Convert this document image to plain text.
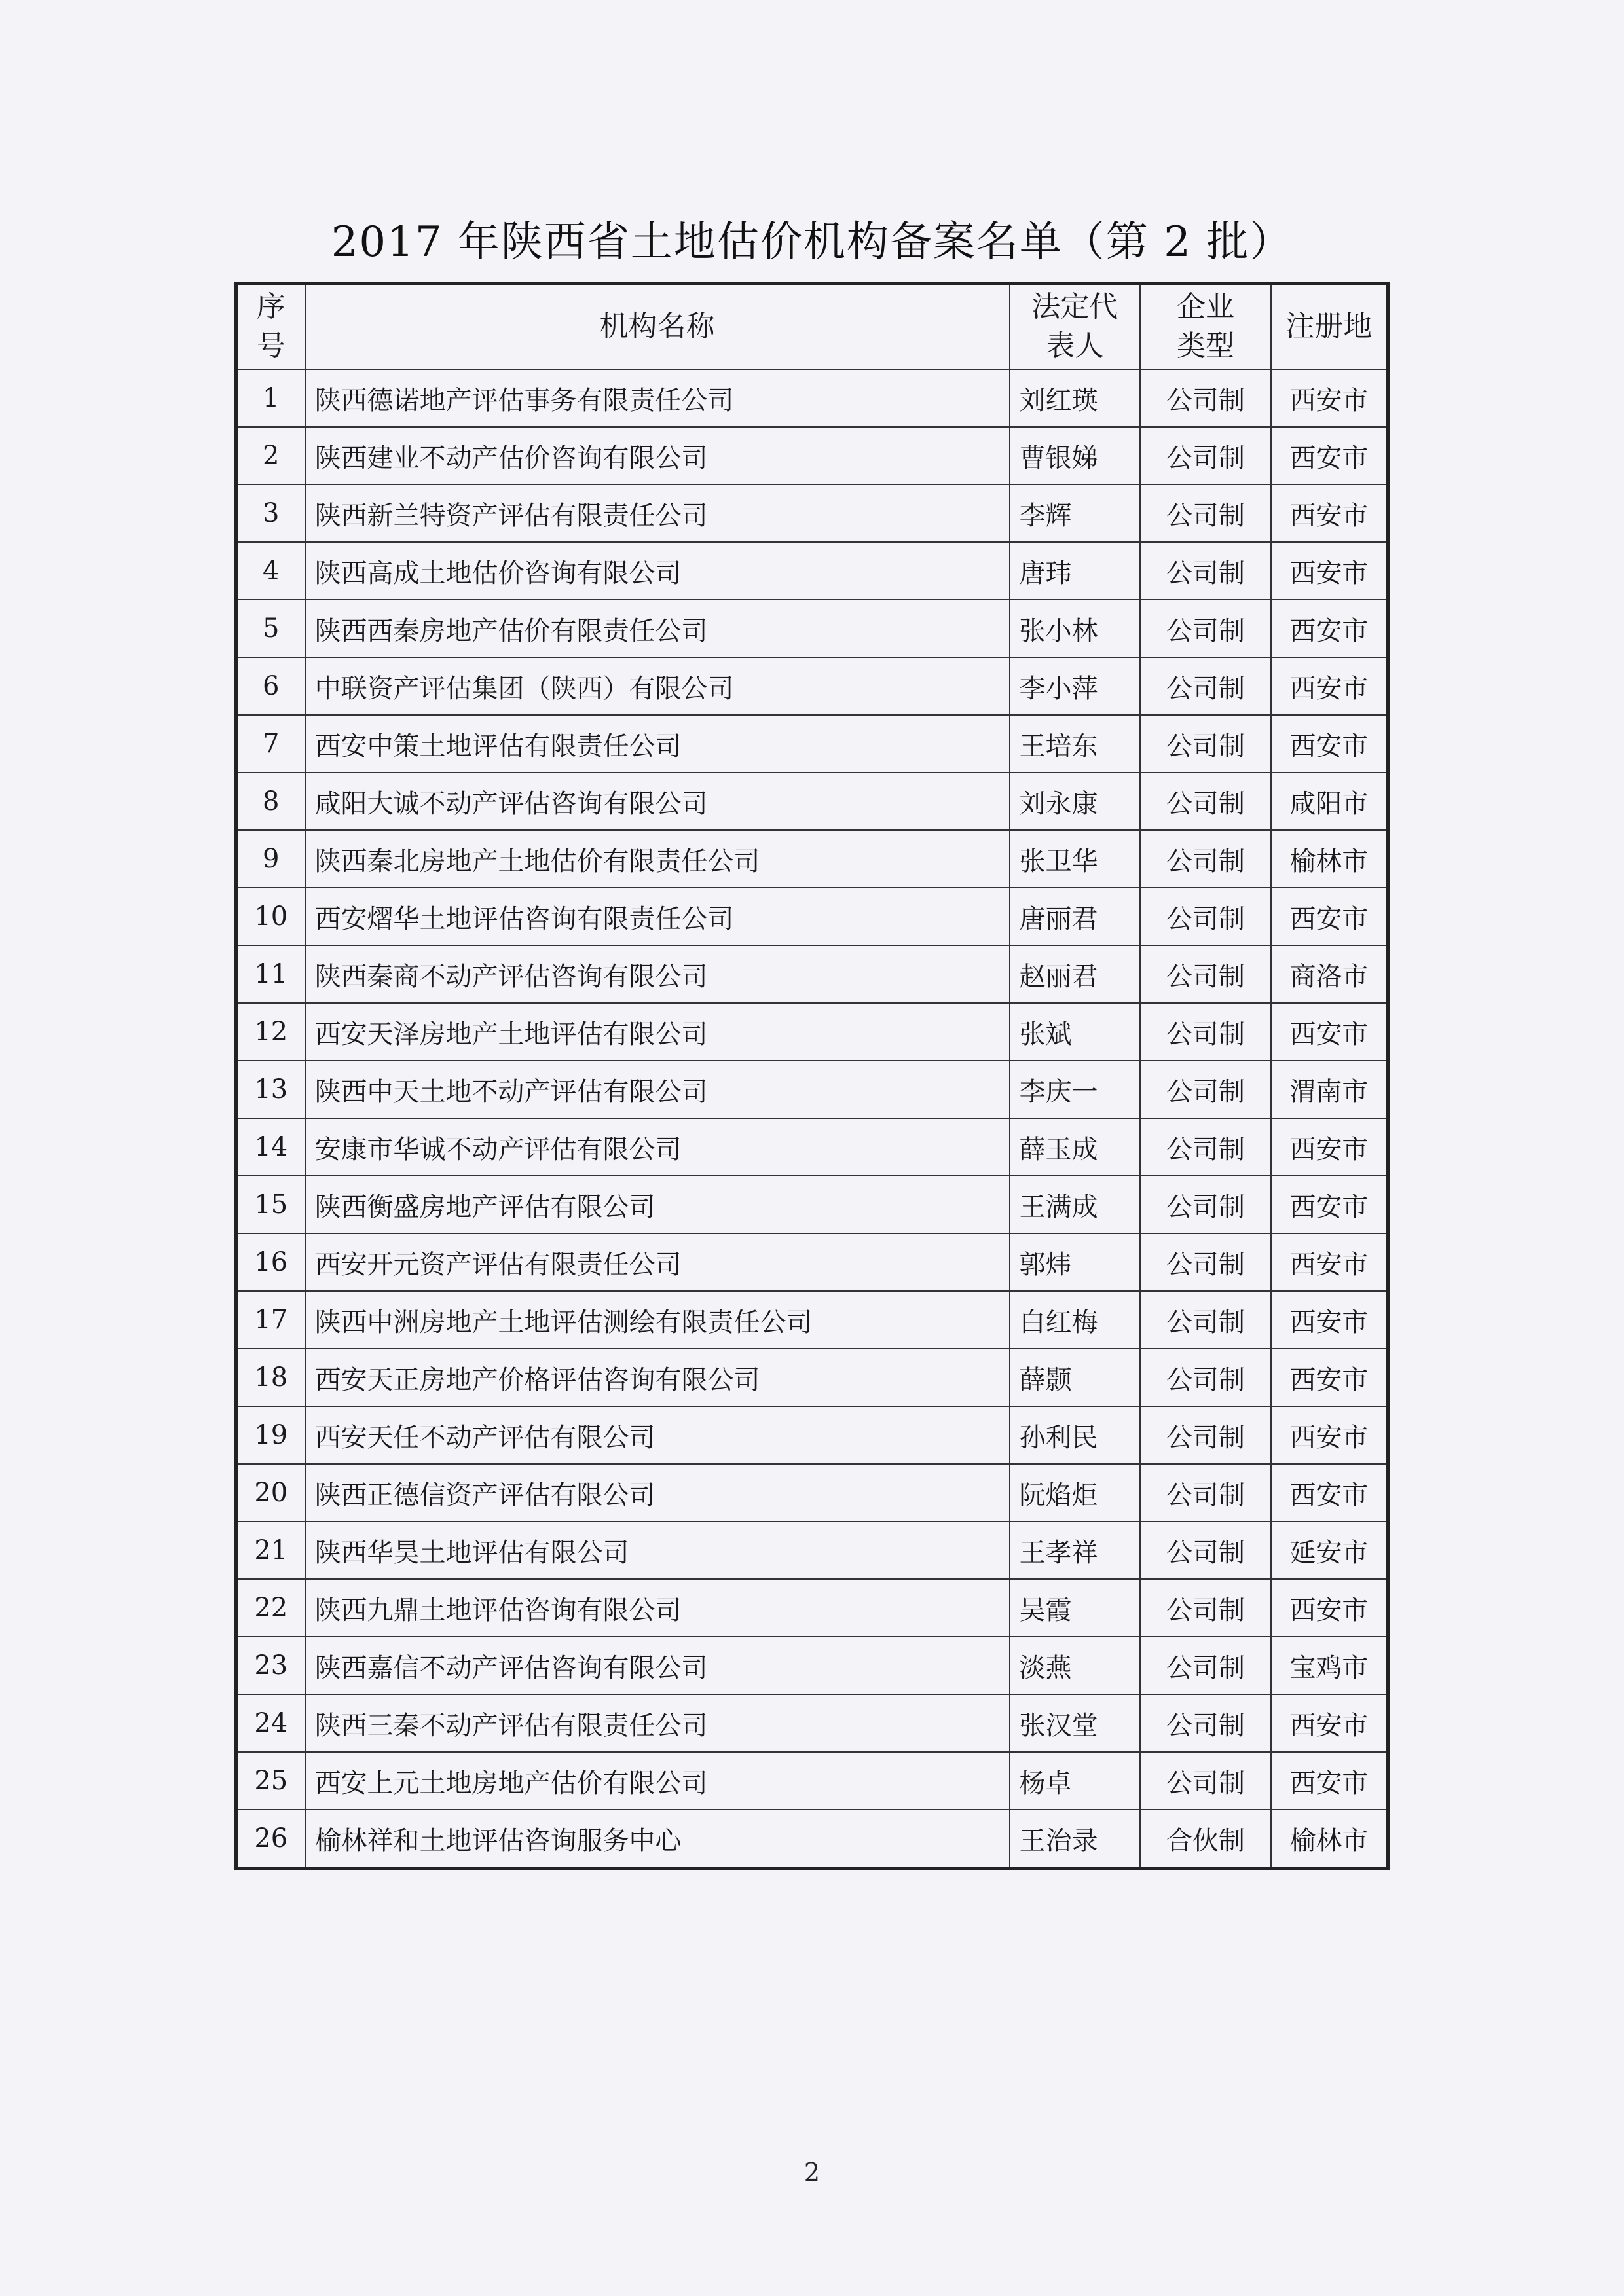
2017 年陕西省土地估价机构备案名单（第 2 批）
序号	机构名称	法定代表人	企业类型	注册地
1	陕西德诺地产评估事务有限责任公司	刘红瑛	公司制	西安市
2	陕西建业不动产估价咨询有限公司	曹银娣	公司制	西安市
3	陕西新兰特资产评估有限责任公司	李辉	公司制	西安市
4	陕西高成土地估价咨询有限公司	唐玮	公司制	西安市
5	陕西西秦房地产估价有限责任公司	张小林	公司制	西安市
6	中联资产评估集团（陕西）有限公司	李小萍	公司制	西安市
7	西安中策土地评估有限责任公司	王培东	公司制	西安市
8	咸阳大诚不动产评估咨询有限公司	刘永康	公司制	咸阳市
9	陕西秦北房地产土地估价有限责任公司	张卫华	公司制	榆林市
10	西安熠华土地评估咨询有限责任公司	唐丽君	公司制	西安市
11	陕西秦商不动产评估咨询有限公司	赵丽君	公司制	商洛市
12	西安天泽房地产土地评估有限公司	张斌	公司制	西安市
13	陕西中天土地不动产评估有限公司	李庆一	公司制	渭南市
14	安康市华诚不动产评估有限公司	薛玉成	公司制	西安市
15	陕西衡盛房地产评估有限公司	王满成	公司制	西安市
16	西安开元资产评估有限责任公司	郭炜	公司制	西安市
17	陕西中洲房地产土地评估测绘有限责任公司	白红梅	公司制	西安市
18	西安天正房地产价格评估咨询有限公司	薛颢	公司制	西安市
19	西安天任不动产评估有限公司	孙利民	公司制	西安市
20	陕西正德信资产评估有限公司	阮焰炬	公司制	西安市
21	陕西华昊土地评估有限公司	王孝祥	公司制	延安市
22	陕西九鼎土地评估咨询有限公司	吴霞	公司制	西安市
23	陕西嘉信不动产评估咨询有限公司	淡燕	公司制	宝鸡市
24	陕西三秦不动产评估有限责任公司	张汉堂	公司制	西安市
25	西安上元土地房地产估价有限公司	杨卓	公司制	西安市
26	榆林祥和土地评估咨询服务中心	王治录	合伙制	榆林市
2
